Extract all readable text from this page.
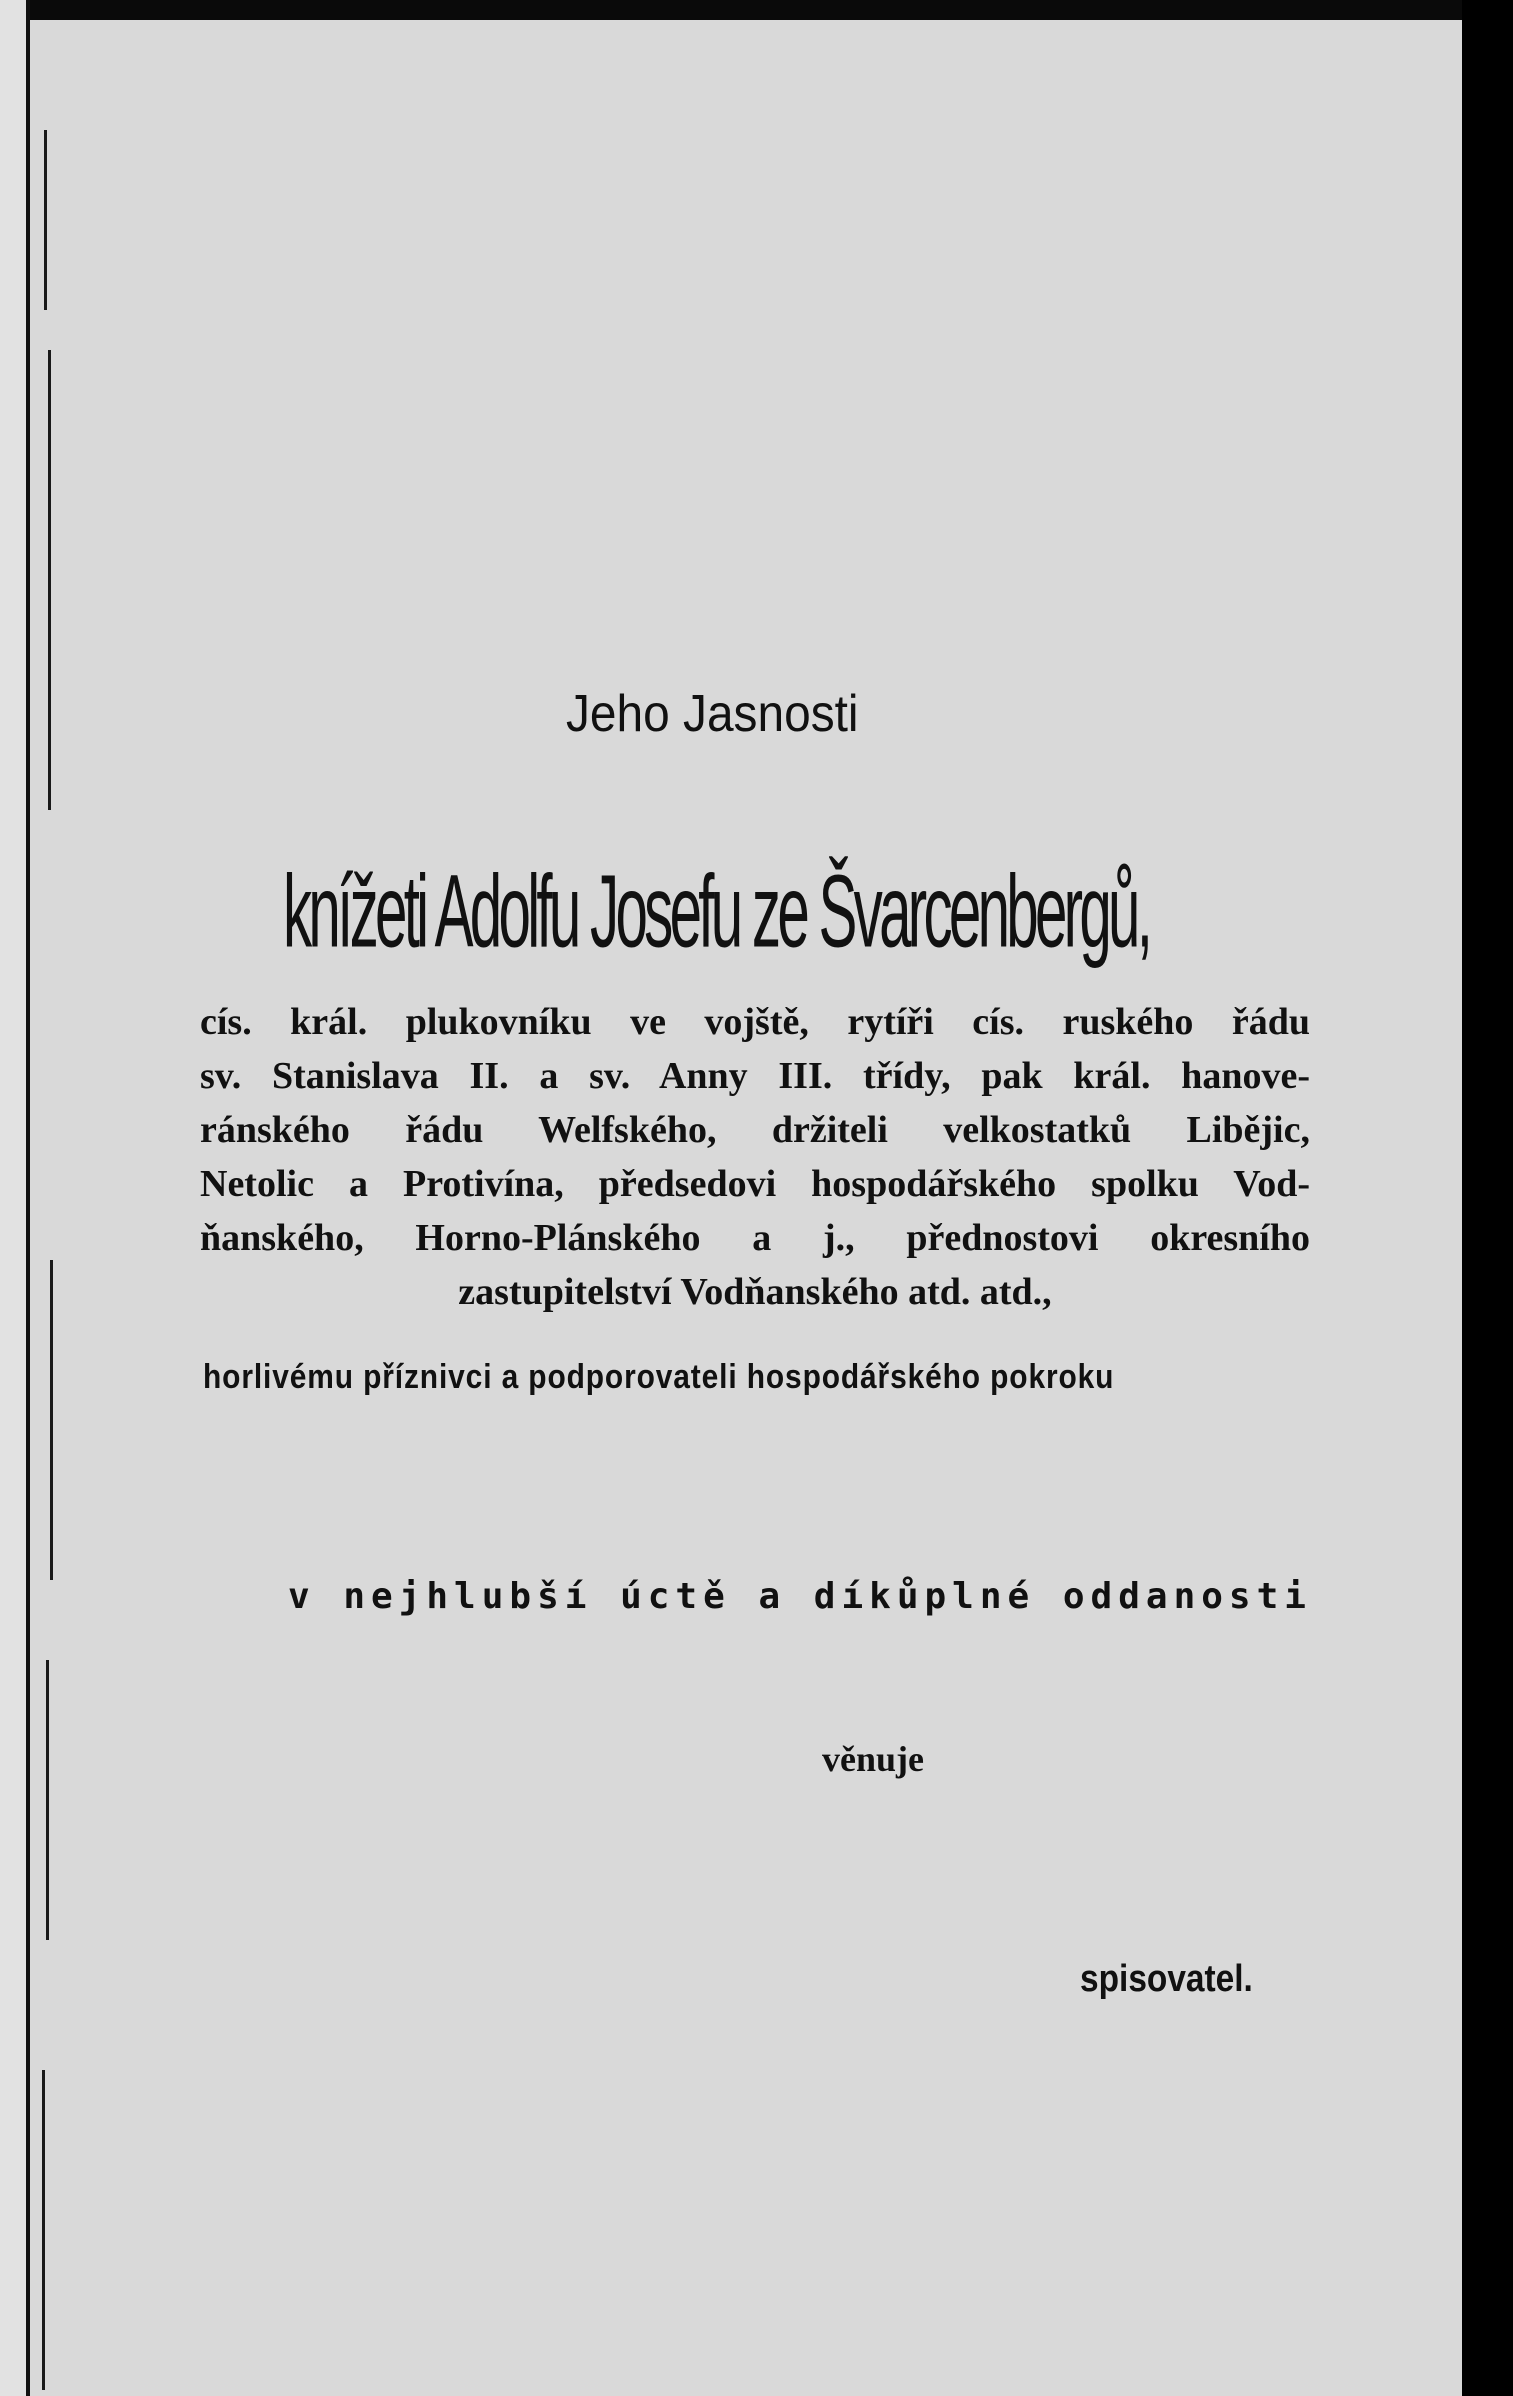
Jeho Jasnosti
knížeti Adolfu Josefu ze Švarcenbergů,
cís. král. plukovníku ve vojště, rytíři cís. ruského řádu
sv. Stanislava II. a sv. Anny III. třídy, pak král. hanove-
ránského řádu Welfského, držiteli velkostatků Libějic,
Netolic a Protivína, předsedovi hospodářského spolku Vod-
ňanského, Horno-Plánského a j., přednostovi okresního
zastupitelství Vodňanského atd. atd.,
horlivému příznivci a podporovateli hospodářského pokroku
v nejhlubší úctě a díkůplné oddanosti
věnuje
spisovatel.
